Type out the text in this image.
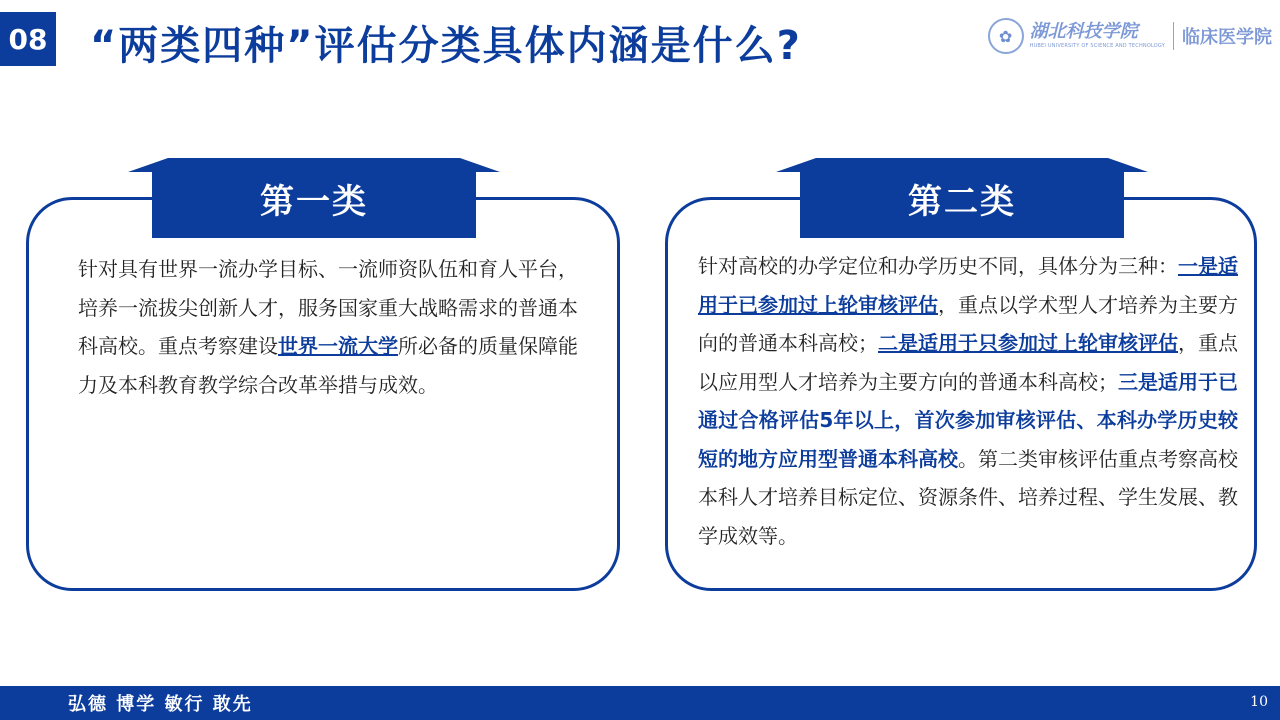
08 “两类四种”评估分类具体内涵是什么?	✿ 湖北科技学院
HUBEI UNIVERSITY OF SCIENCE AND TECHNOLOGY 临床医学院
第一类
针对具有世界一流办学目标、一流师资队伍和育人平台，培养一流拔尖创新人才，服务国家重大战略需求的普通本科高校。重点考察建设世界一流大学所必备的质量保障能力及本科教育教学综合改革举措与成效。
第二类
针对高校的办学定位和办学历史不同，具体分为三种：一是适用于已参加过上轮审核评估，重点以学术型人才培养为主要方向的普通本科高校；二是适用于只参加过上轮审核评估，重点以应用型人才培养为主要方向的普通本科高校；三是适用于已通过合格评估5年以上，首次参加审核评估、本科办学历史较短的地方应用型普通本科高校。第二类审核评估重点考察高校本科人才培养目标定位、资源条件、培养过程、学生发展、教学成效等。
弘德 博学 敏行 敢先	10
